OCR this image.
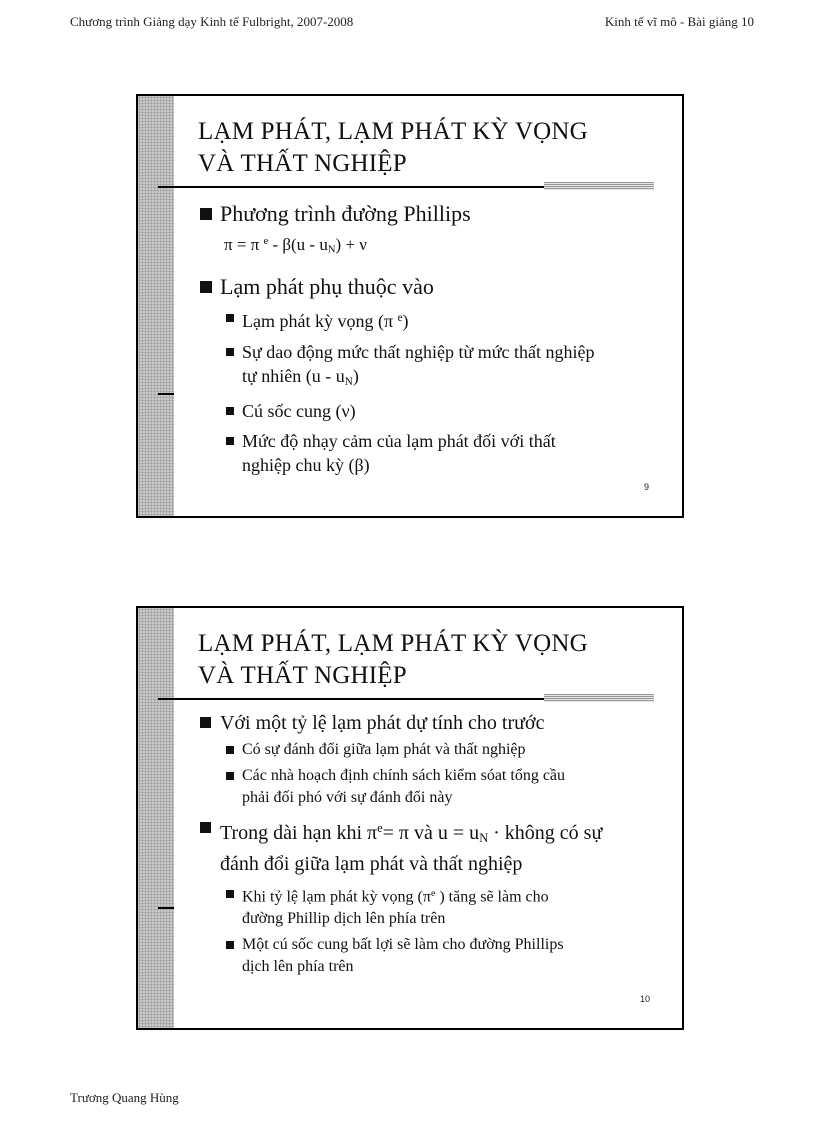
Chương trình Giảng dạy Kinh tế Fulbright, 2007-2008	Kinh tế vĩ mô - Bài giảng 10
LẠM PHÁT, LẠM PHÁT KỲ VỌNG
VÀ THẤT NGHIỆP
Phương trình đường Phillips
π = π $^e - \beta(u - u_N) + \nu$
Lạm phát phụ thuộc vào
Lạm phát kỳ vọng (π $^e$)
Sự dao động mức thất nghiệp từ mức thất nghiệp
tự nhiên $(u - u_N)$
Cú sốc cung (ν)
Mức độ nhạy cảm của lạm phát đối với thất
nghiệp chu kỳ (β)
9
LẠM PHÁT, LẠM PHÁT KỲ VỌNG
VÀ THẤT NGHIỆP
Với một tỷ lệ lạm phát dự tính cho trước
Có sự đánh đổi giữa lạm phát và thất nghiệp
Các nhà hoạch định chính sách kiểm sóat tổng cầu
phải đối phó với sự đánh đổi này
Trong dài hạn khi $\pi^e= \pi$ và $u = u_N$ · không có sự
đánh đổi giữa lạm phát và thất nghiệp
Khi tỷ lệ lạm phát kỳ vọng ($\pi^e$ ) tăng sẽ làm cho
đường Phillip dịch lên phía trên
Một cú sốc cung bất lợi sẽ làm cho đường Phillips
dịch lên phía trên
10
Trương Quang Hùng
